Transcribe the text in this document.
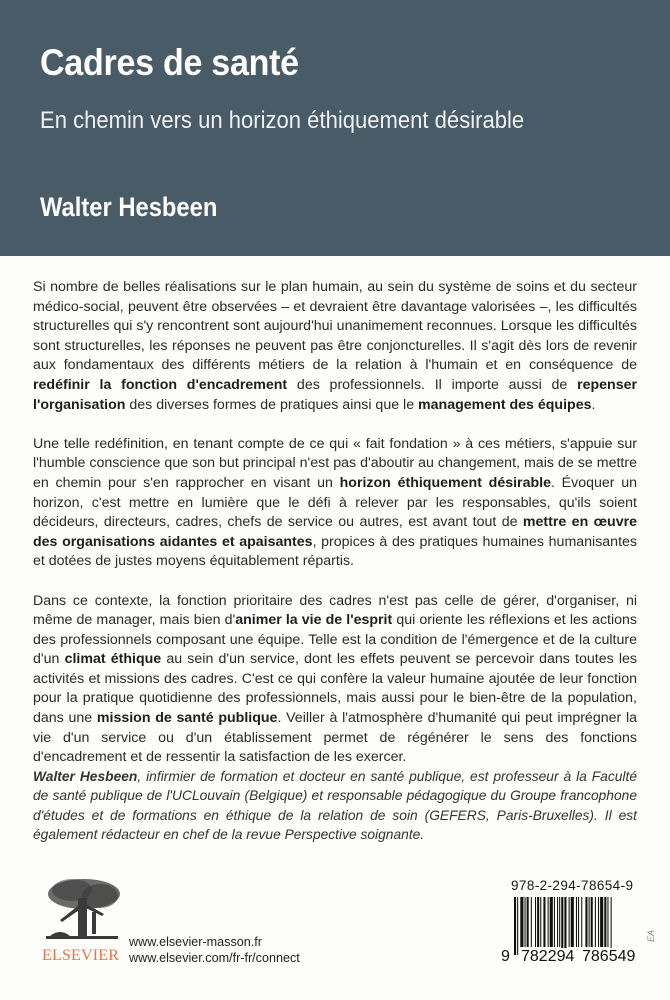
Cadres de santé
En chemin vers un horizon éthiquement désirable
Walter Hesbeen

Si nombre de belles réalisations sur le plan humain, au sein du système de soins et du secteur médico-social, peuvent être observées – et devraient être davantage valorisées –, les difficultés structurelles qui s'y rencontrent sont aujourd'hui unanimement reconnues. Lorsque les difficultés sont structurelles, les réponses ne peuvent pas être conjoncturelles. Il s'agit dès lors de revenir aux fondamentaux des différents métiers de la relation à l'humain et en conséquence de redéfinir la fonction d'encadrement des professionnels. Il importe aussi de repenser l'organisation des diverses formes de pratiques ainsi que le management des équipes.

Une telle redéfinition, en tenant compte de ce qui « fait fondation » à ces métiers, s'appuie sur l'humble conscience que son but principal n'est pas d'aboutir au changement, mais de se mettre en chemin pour s'en rapprocher en visant un horizon éthiquement désirable. Évoquer un horizon, c'est mettre en lumière que le défi à relever par les responsables, qu'ils soient décideurs, directeurs, cadres, chefs de service ou autres, est avant tout de mettre en œuvre des organisations aidantes et apaisantes, propices à des pratiques humaines humanisantes et dotées de justes moyens équitablement répartis.

Dans ce contexte, la fonction prioritaire des cadres n'est pas celle de gérer, d'organiser, ni même de manager, mais bien d'animer la vie de l'esprit qui oriente les réflexions et les actions des professionnels composant une équipe. Telle est la condition de l'émergence et de la culture d'un climat éthique au sein d'un service, dont les effets peuvent se percevoir dans toutes les activités et missions des cadres. C'est ce qui confère la valeur humaine ajoutée de leur fonction pour la pratique quotidienne des professionnels, mais aussi pour le bien-être de la population, dans une mission de santé publique. Veiller à l'atmosphère d'humanité qui peut imprégner la vie d'un service ou d'un établissement permet de régénérer le sens des fonctions d'encadrement et de ressentir la satisfaction de les exercer.

Walter Hesbeen, infirmier de formation et docteur en santé publique, est professeur à la Faculté de santé publique de l'UCLouvain (Belgique) et responsable pédagogique du Groupe francophone d'études et de formations en éthique de la relation de soin (GEFERS, Paris-Bruxelles). Il est également rédacteur en chef de la revue Perspective soignante.
ELSEVIER
www.elsevier-masson.fr
www.elsevier.com/fr-fr/connect
978-2-294-78654-9
9 782294 786549
EA
